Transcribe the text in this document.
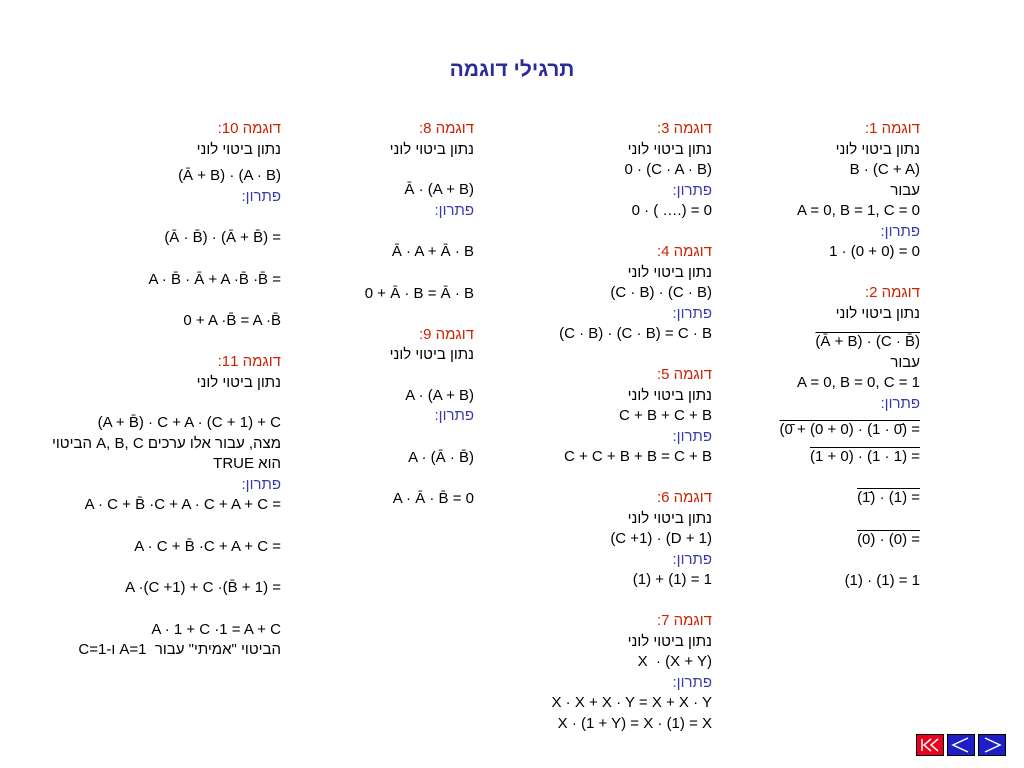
תרגילי דוגמה
דוגמה 1:
נתון ביטוי לוני
B · (C + A)
עבור
A = 0, B = 1, C = 0
פתרון:
1 · (0 + 0) = 0
דוגמה 2:
נתון ביטוי לוני
(Ā + B) · (C · B̄)
עבור
A = 0, B = 0, C = 1
פתרון:
(0̄ + (0 + 0) · (1 · 0̄) =
(1 + 0) · (1 · 1) =
(1̄) · (1) =
(0) · (0) =
(1) · (1) = 1
דוגמה 3:
נתון ביטוי לוני
0 · (C · A · B)
פתרון:
0 · ( ….) = 0
דוגמה 4:
נתון ביטוי לוני
(C · B) · (C · B)
פתרון:
(C · B) · (C · B) = C · B
דוגמה 5:
נתון ביטוי לוני
C + B + C + B
פתרון:
C + C + B + B = C + B
דוגמה 6:
נתון ביטוי לוני
(C +1) · (D + 1)
פתרון:
(1) + (1) = 1
דוגמה 7:
נתון ביטוי לוני
X  · (X + Y)
פתרון:
X · X + X · Y = X + X · Y
X · (1 + Y) = X · (1) = X
דוגמה 8:
נתון ביטוי לוני
Ā · (A + B)
פתרון:
Ā · A + Ā · B
0 + Ā · B = Ā · B
דוגמה 9:
נתון ביטוי לוני
A · (A + B)
פתרון:
A · (Ā · B̄)
A · Ā · B̄ = 0
דוגמה 10:
נתון ביטוי לוני
(Ā + B) · (A · B)
פתרון:
(Ā · B̄) · (Ā + B̄) =
A · B̄ · Ā + A ·B̄ ·B̄ =
0 + A ·B̄ = A ·B̄
דוגמה 11:
נתון ביטוי לוני
(A + B̄) · C + A · (C + 1) + C
מצה, עבור אלו ערכים A, B, C הביטוי
הוא TRUE
פתרון:
A · C + B̄ ·C + A · C + A + C =
A · C + B̄ ·C + A + C =
A ·(C +1) + C ·(B̄ + 1) =
A · 1 + C ·1 = A + C
הביטוי "אמיתי" עבור  A=1 ו-C=1
